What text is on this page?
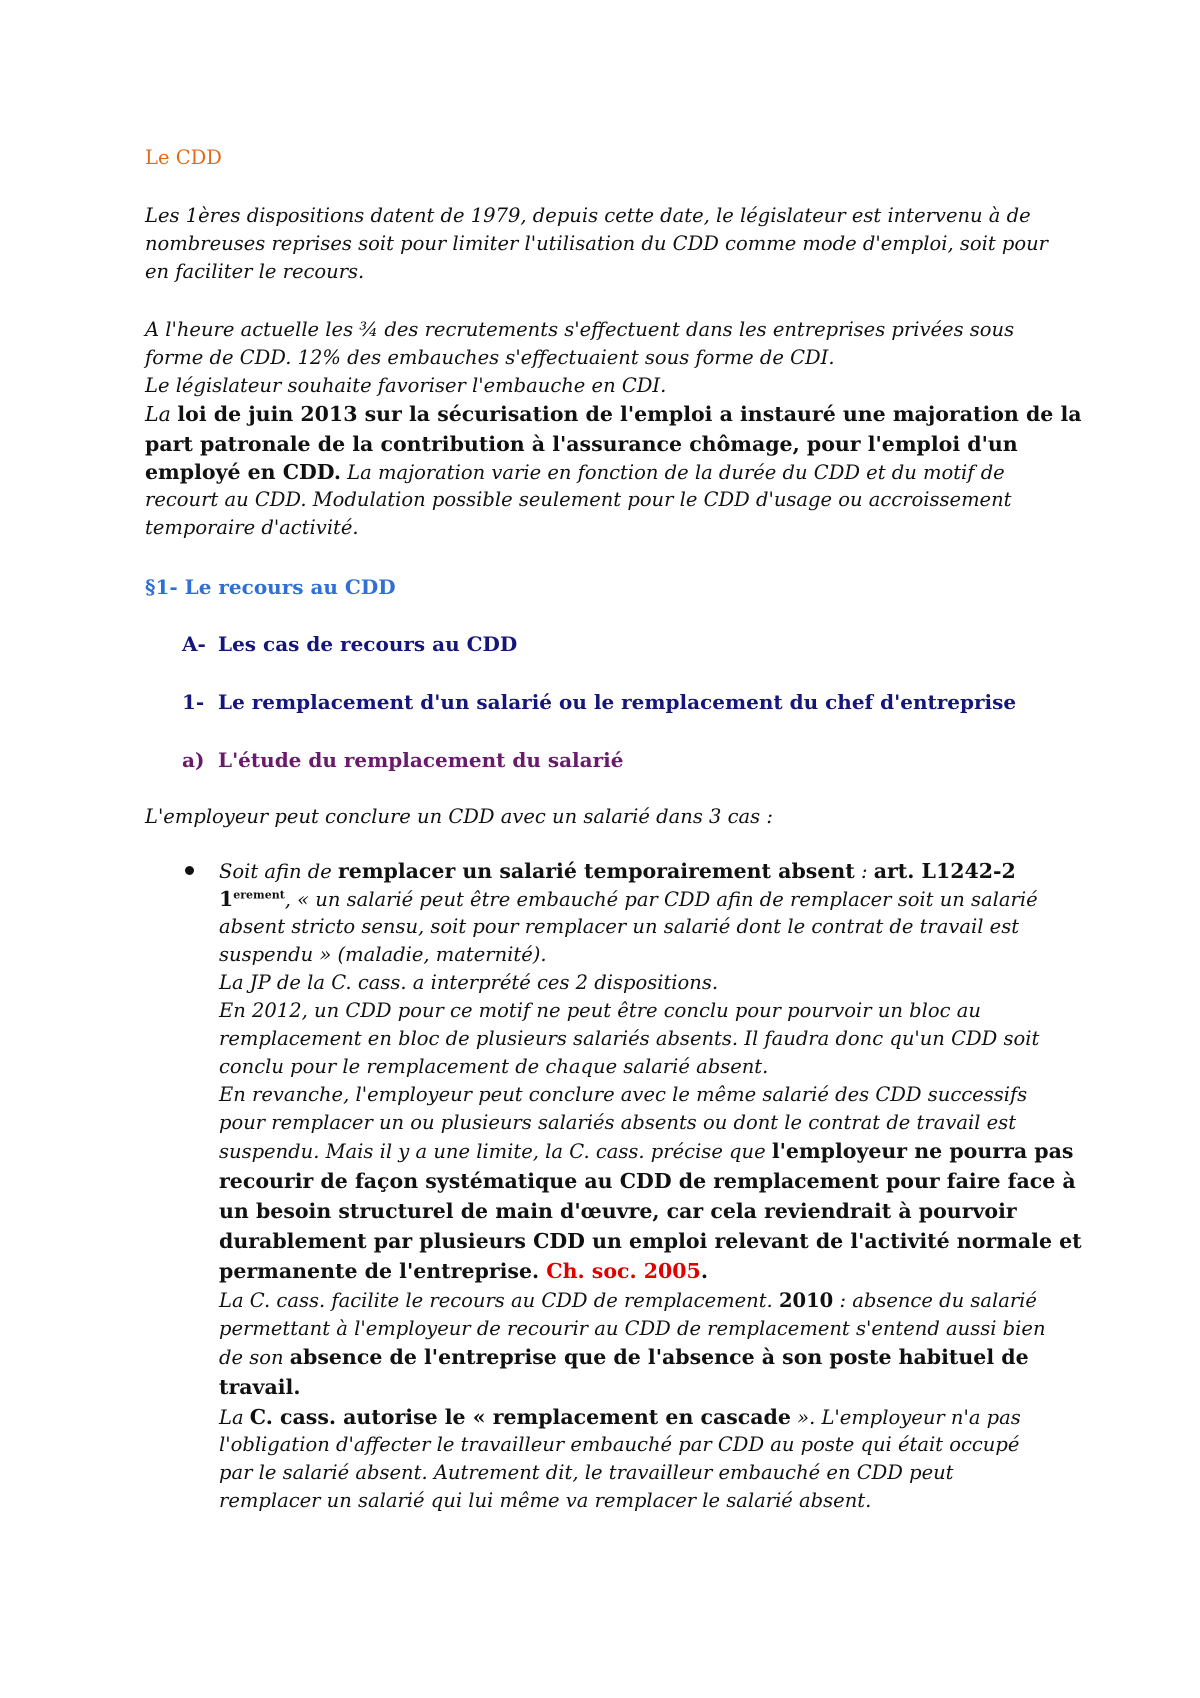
Le CDD
Les 1ères dispositions datent de 1979, depuis cette date, le législateur est intervenu à de
nombreuses reprises soit pour limiter l'utilisation du CDD comme mode d'emploi, soit pour
en faciliter le recours.
A l'heure actuelle les ¾ des recrutements s'effectuent dans les entreprises privées sous
forme de CDD. 12% des embauches s'effectuaient sous forme de CDI.
Le législateur souhaite favoriser l'embauche en CDI.
La loi de juin 2013 sur la sécurisation de l'emploi a instauré une majoration de la
part patronale de la contribution à l'assurance chômage, pour l'emploi d'un
employé en CDD. La majoration varie en fonction de la durée du CDD et du motif de
recourt au CDD. Modulation possible seulement pour le CDD d'usage ou accroissement
temporaire d'activité.
§1- Le recours au CDD
A- Les cas de recours au CDD
1- Le remplacement d'un salarié ou le remplacement du chef d'entreprise
a) L'étude du remplacement du salarié
L'employeur peut conclure un CDD avec un salarié dans 3 cas :
Soit afin de remplacer un salarié temporairement absent : art. L1242-2
$1^{erement}$, « un salarié peut être embauché par CDD afin de remplacer soit un salarié
absent stricto sensu, soit pour remplacer un salarié dont le contrat de travail est
suspendu » (maladie, maternité).
La JP de la C. cass. a interprété ces 2 dispositions.
En 2012, un CDD pour ce motif ne peut être conclu pour pourvoir un bloc au
remplacement en bloc de plusieurs salariés absents. Il faudra donc qu'un CDD soit
conclu pour le remplacement de chaque salarié absent.
En revanche, l'employeur peut conclure avec le même salarié des CDD successifs
pour remplacer un ou plusieurs salariés absents ou dont le contrat de travail est
suspendu. Mais il y a une limite, la C. cass. précise que l'employeur ne pourra pas
recourir de façon systématique au CDD de remplacement pour faire face à
un besoin structurel de main d'œuvre, car cela reviendrait à pourvoir
durablement par plusieurs CDD un emploi relevant de l'activité normale et
permanente de l'entreprise. Ch. soc. 2005.
La C. cass. facilite le recours au CDD de remplacement. 2010 : absence du salarié
permettant à l'employeur de recourir au CDD de remplacement s'entend aussi bien
de son absence de l'entreprise que de l'absence à son poste habituel de
travail.
La C. cass. autorise le « remplacement en cascade ». L'employeur n'a pas
l'obligation d'affecter le travailleur embauché par CDD au poste qui était occupé
par le salarié absent. Autrement dit, le travailleur embauché en CDD peut
remplacer un salarié qui lui même va remplacer le salarié absent.
